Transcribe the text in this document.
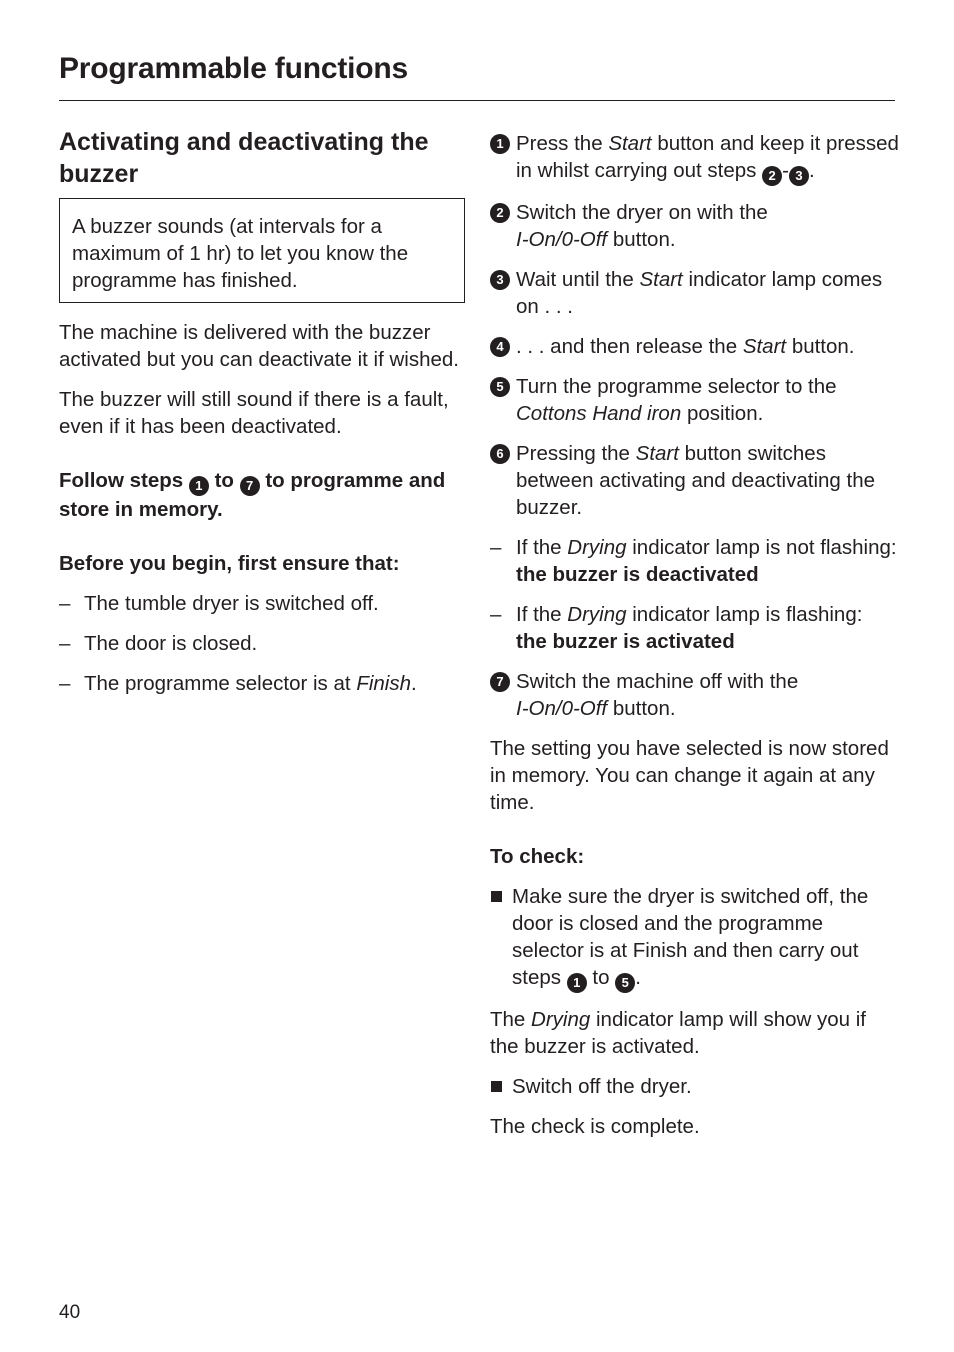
Programmable functions
Activating and deactivating the buzzer

A buzzer sounds (at intervals for a maximum of 1 hr) to let you know the programme has finished.

The machine is delivered with the buzzer activated but you can deactivate it if wished.

The buzzer will still sound if there is a fault, even if it has been deactivated.

Follow steps 1 to 7 to programme and store in memory.

Before you begin, first ensure that:

– The tumble dryer is switched off.

– The door is closed.

– The programme selector is at Finish.

1 Press the Start button and keep it pressed in whilst carrying out steps 2 - 3 .

2 Switch the dryer on with the
I-On/0-Off button.

3 Wait until the Start indicator lamp comes on . . .

4 . . . and then release the Start button.

5 Turn the programme selector to the
Cottons Hand iron position.

6 Pressing the Start button switches between activating and deactivating the buzzer.

– If the Drying indicator lamp is not flashing:
the buzzer is deactivated

– If the Drying indicator lamp is flashing:
the buzzer is activated

7 Switch the machine off with the
I-On/0-Off button.

The setting you have selected is now stored in memory. You can change it again at any time.

To check:

Make sure the dryer is switched off, the door is closed and the programme selector is at Finish and then carry out steps 1 to 5 .

The Drying indicator lamp will show you if the buzzer is activated.

Switch off the dryer.

The check is complete.

40
